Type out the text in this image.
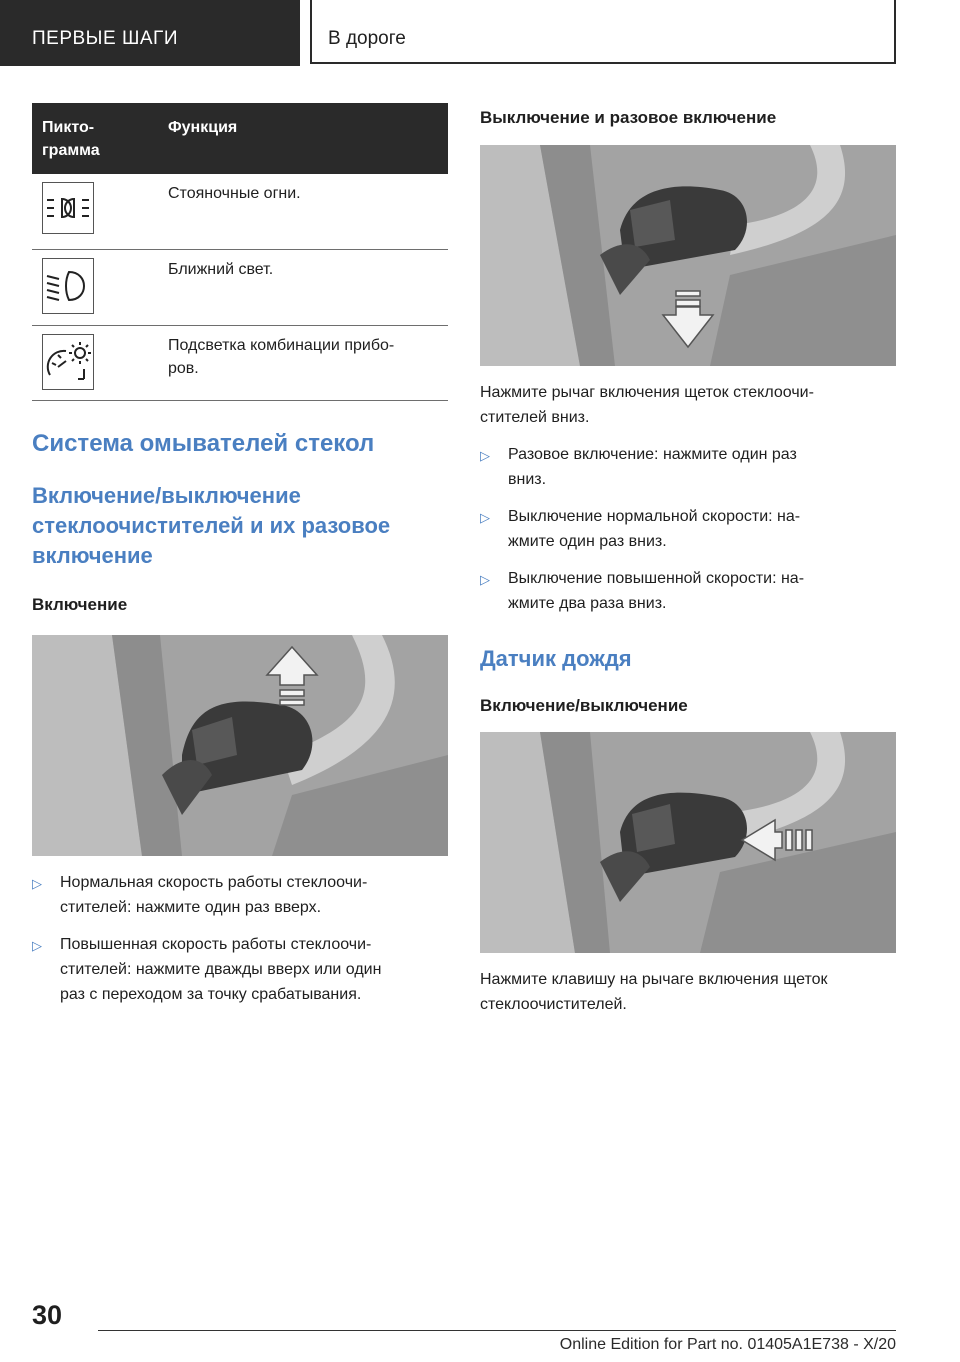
ПЕРВЫЕ ШАГИ	В дороге
Пикто-
грамма	Функция

	Стояночные огни.

	Ближний свет.

	Подсветка комбинации прибо-
ров.

Система омывателей стекол

Включение/выключение стеклоочистителей и их разовое включение

Включение

▷	Нормальная скорость работы стеклоочи-
стителей: нажмите один раз вверх.
▷	Повышенная скорость работы стеклоочи-
стителей: нажмите дважды вверх или один
раз с переходом за точку срабатывания.

Выключение и разовое включение

Нажмите рычаг включения щеток стеклоочи-
стителей вниз.

▷	Разовое включение: нажмите один раз
вниз.
▷	Выключение нормальной скорости: на-
жмите один раз вниз.
▷	Выключение повышенной скорости: на-
жмите два раза вниз.

Датчик дождя

Включение/выключение

Нажмите клавишу на рычаге включения щеток
стеклоочистителей.

30
Online Edition for Part no. 01405A1E738 - X/20
